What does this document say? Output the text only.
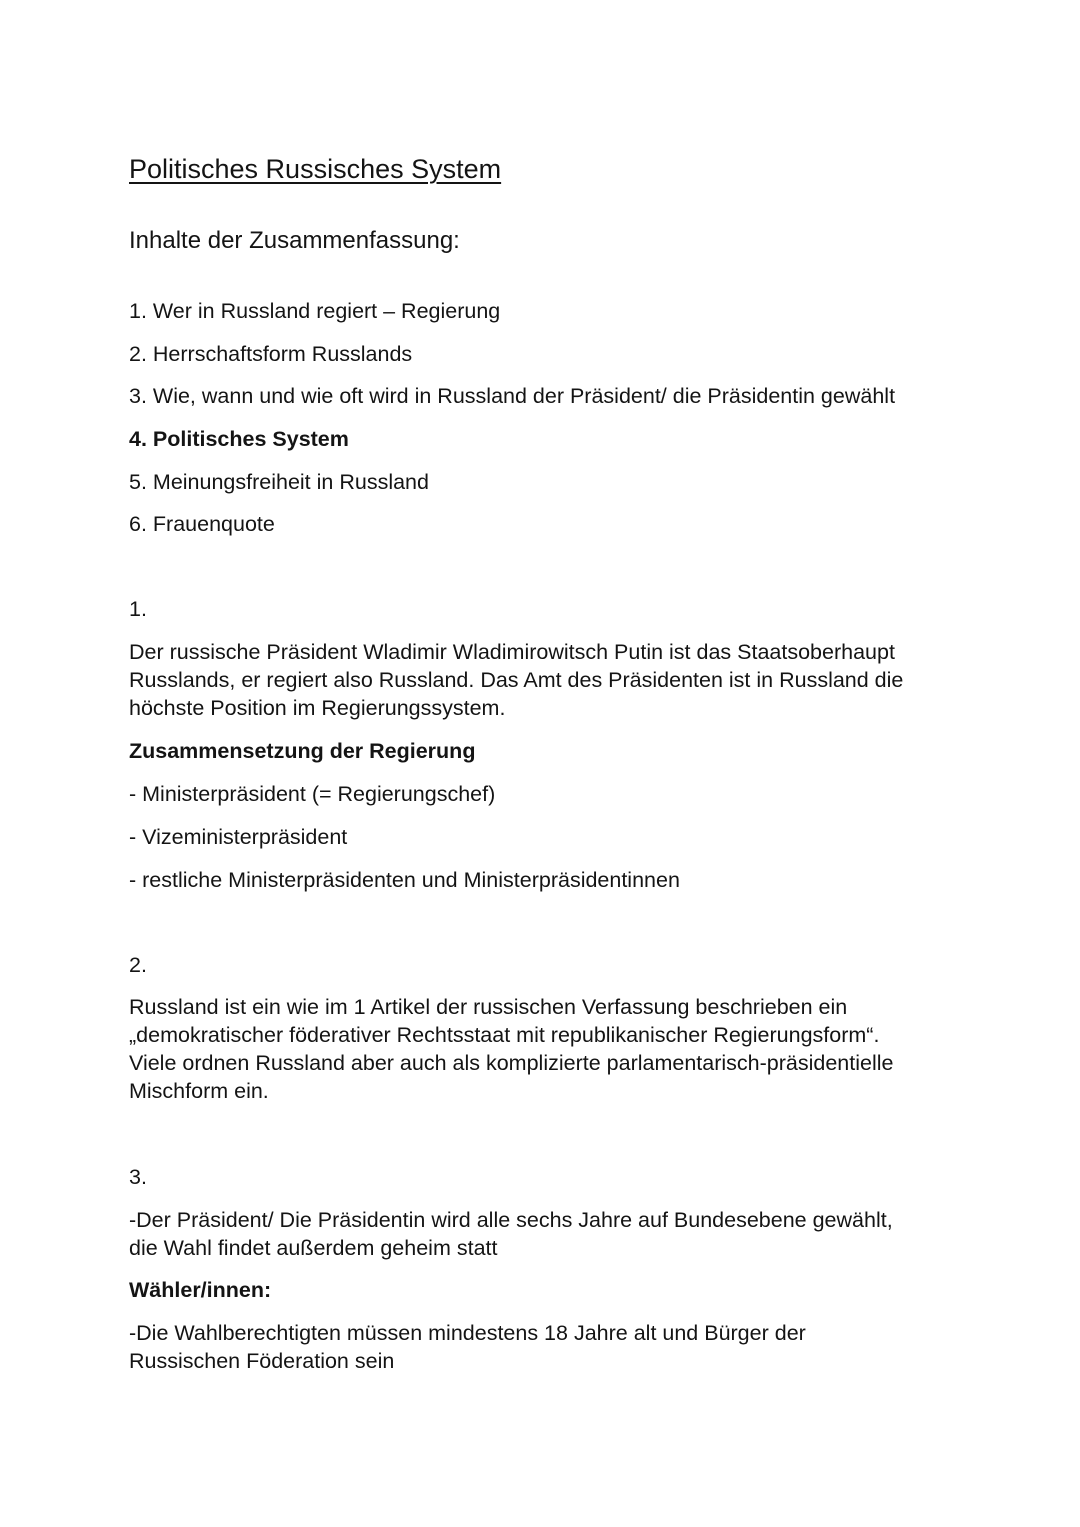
Politisches Russisches System
Inhalte der Zusammenfassung:
1. Wer in Russland regiert – Regierung
2. Herrschaftsform Russlands
3. Wie, wann und wie oft wird in Russland der Präsident/ die Präsidentin gewählt
4. Politisches System
5. Meinungsfreiheit in Russland
6. Frauenquote
1.
Der russische Präsident Wladimir Wladimirowitsch Putin ist das Staatsoberhaupt
Russlands, er regiert also Russland. Das Amt des Präsidenten ist in Russland die
höchste Position im Regierungssystem.
Zusammensetzung der Regierung
- Ministerpräsident (= Regierungschef)
- Vizeministerpräsident
- restliche Ministerpräsidenten und Ministerpräsidentinnen
2.
Russland ist ein wie im 1 Artikel der russischen Verfassung beschrieben ein
„demokratischer föderativer Rechtsstaat mit republikanischer Regierungsform“.
Viele ordnen Russland aber auch als komplizierte parlamentarisch-präsidentielle
Mischform ein.
3.
-Der Präsident/ Die Präsidentin wird alle sechs Jahre auf Bundesebene gewählt,
die Wahl findet außerdem geheim statt
Wähler/innen:
-Die Wahlberechtigten müssen mindestens 18 Jahre alt und Bürger der
Russischen Föderation sein
